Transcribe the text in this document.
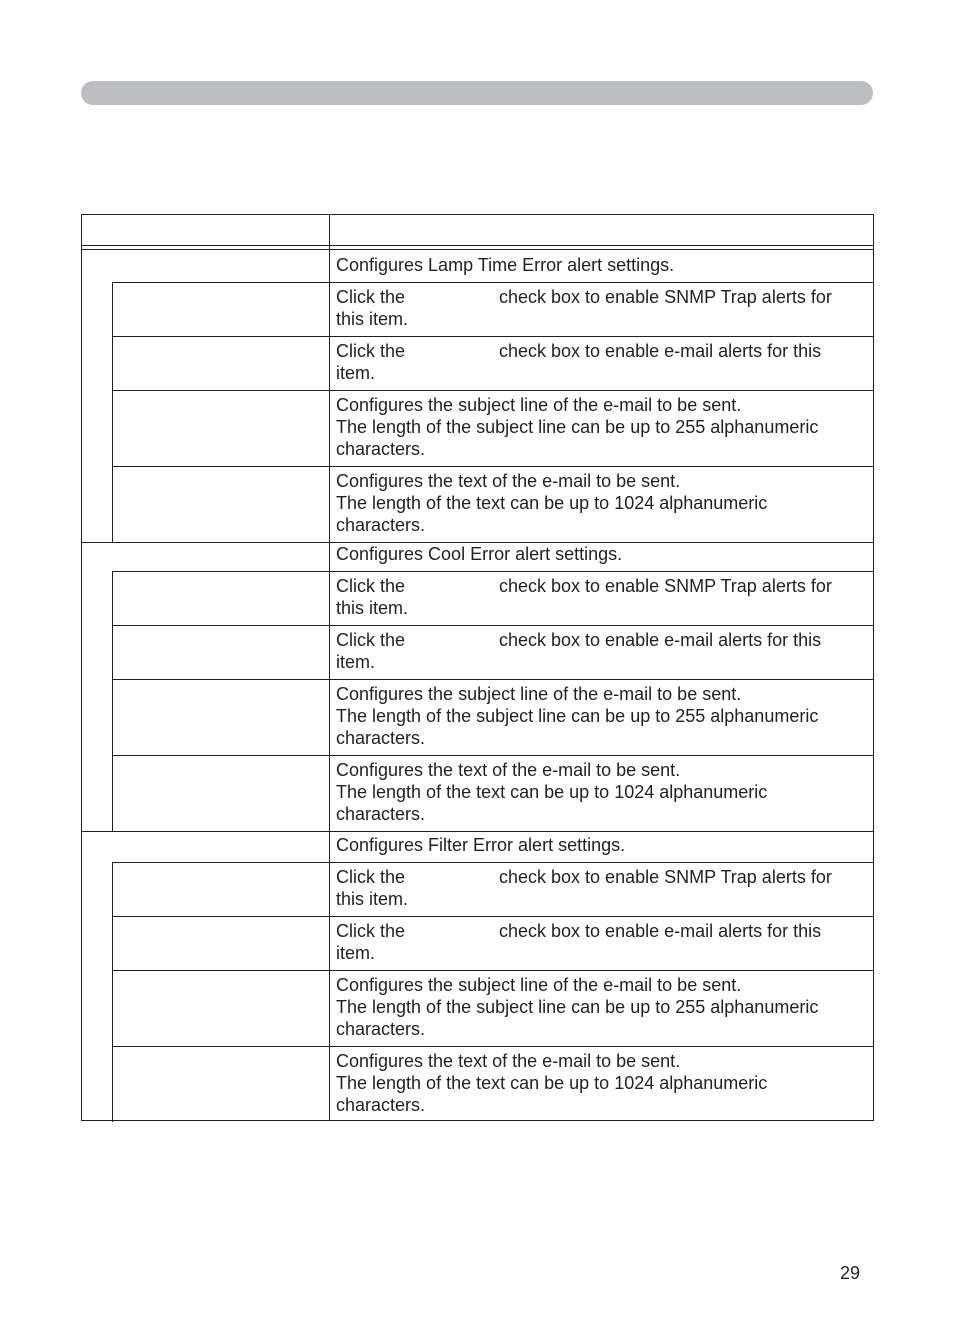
Configures Lamp Time Error alert settings.
Click the	check box to enable SNMP Trap alerts for
this item.
Click the	check box to enable e-mail alerts for this
item.
Configures the subject line of the e-mail to be sent.
The length of the subject line can be up to 255 alphanumeric
characters.
Configures the text of the e-mail to be sent.
The length of the text can be up to 1024 alphanumeric
characters.
Configures Cool Error alert settings.
Click the	check box to enable SNMP Trap alerts for
this item.
Click the	check box to enable e-mail alerts for this
item.
Configures the subject line of the e-mail to be sent.
The length of the subject line can be up to 255 alphanumeric
characters.
Configures the text of the e-mail to be sent.
The length of the text can be up to 1024 alphanumeric
characters.
Configures Filter Error alert settings.
Click the	check box to enable SNMP Trap alerts for
this item.
Click the	check box to enable e-mail alerts for this
item.
Configures the subject line of the e-mail to be sent.
The length of the subject line can be up to 255 alphanumeric
characters.
Configures the text of the e-mail to be sent.
The length of the text can be up to 1024 alphanumeric
characters.
29
